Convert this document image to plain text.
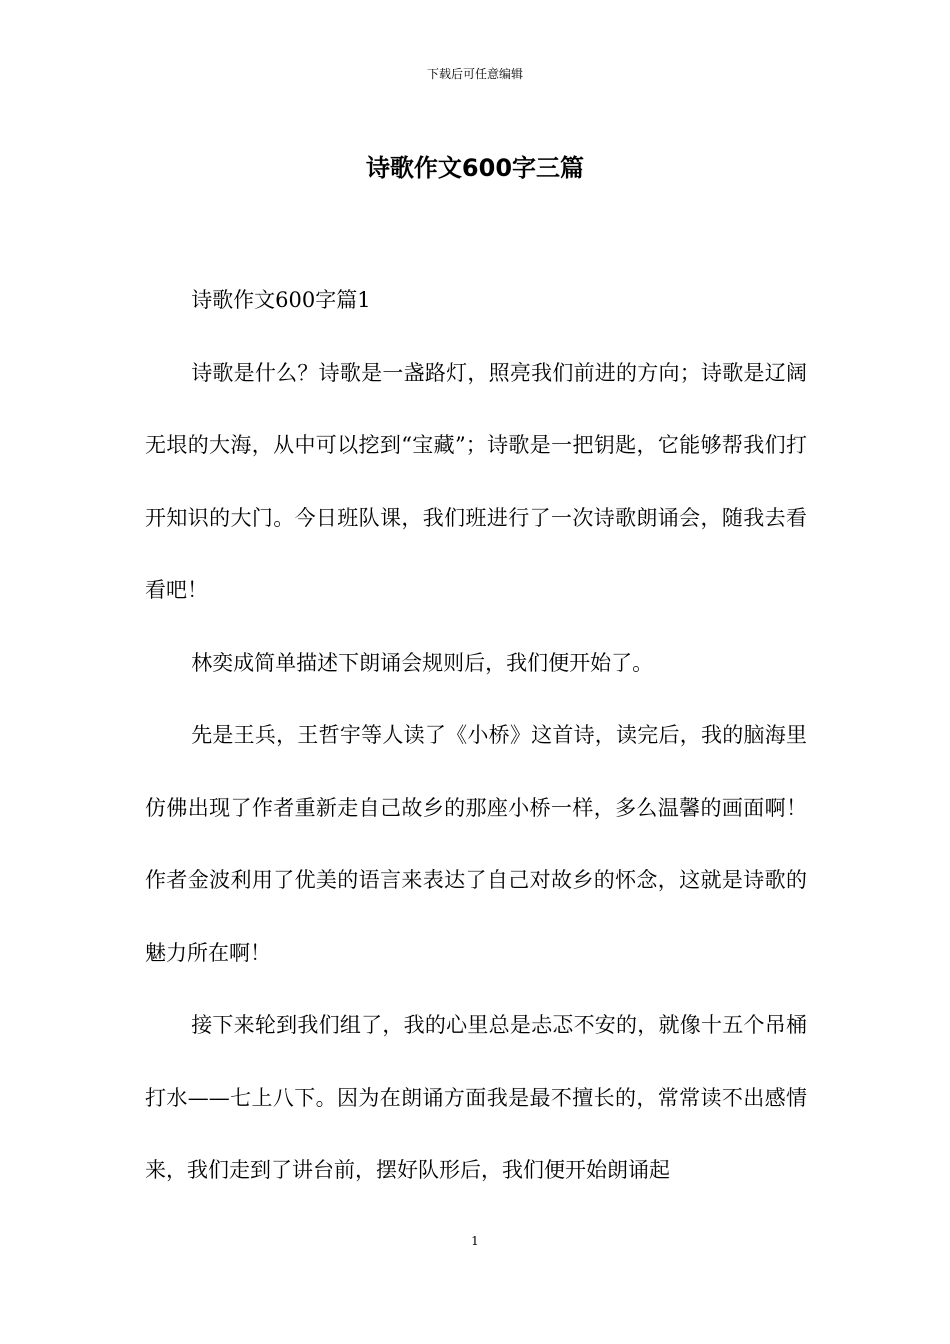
下载后可任意编辑
诗歌作文600字三篇

诗歌作文600字篇1

诗歌是什么？诗歌是一盏路灯，照亮我们前进的方向；诗歌是辽阔无垠的大海，从中可以挖到“宝藏”；诗歌是一把钥匙，它能够帮我们打开知识的大门。今日班队课，我们班进行了一次诗歌朗诵会，随我去看看吧！

林奕成简单描述下朗诵会规则后，我们便开始了。

先是王兵，王哲宇等人读了《小桥》这首诗，读完后，我的脑海里仿佛出现了作者重新走自己故乡的那座小桥一样，多么温馨的画面啊！作者金波利用了优美的语言来表达了自己对故乡的怀念，这就是诗歌的魅力所在啊！

接下来轮到我们组了，我的心里总是忐忑不安的，就像十五个吊桶打水——七上八下。因为在朗诵方面我是最不擅长的，常常读不出感情来，我们走到了讲台前，摆好队形后，我们便开始朗诵起

1
